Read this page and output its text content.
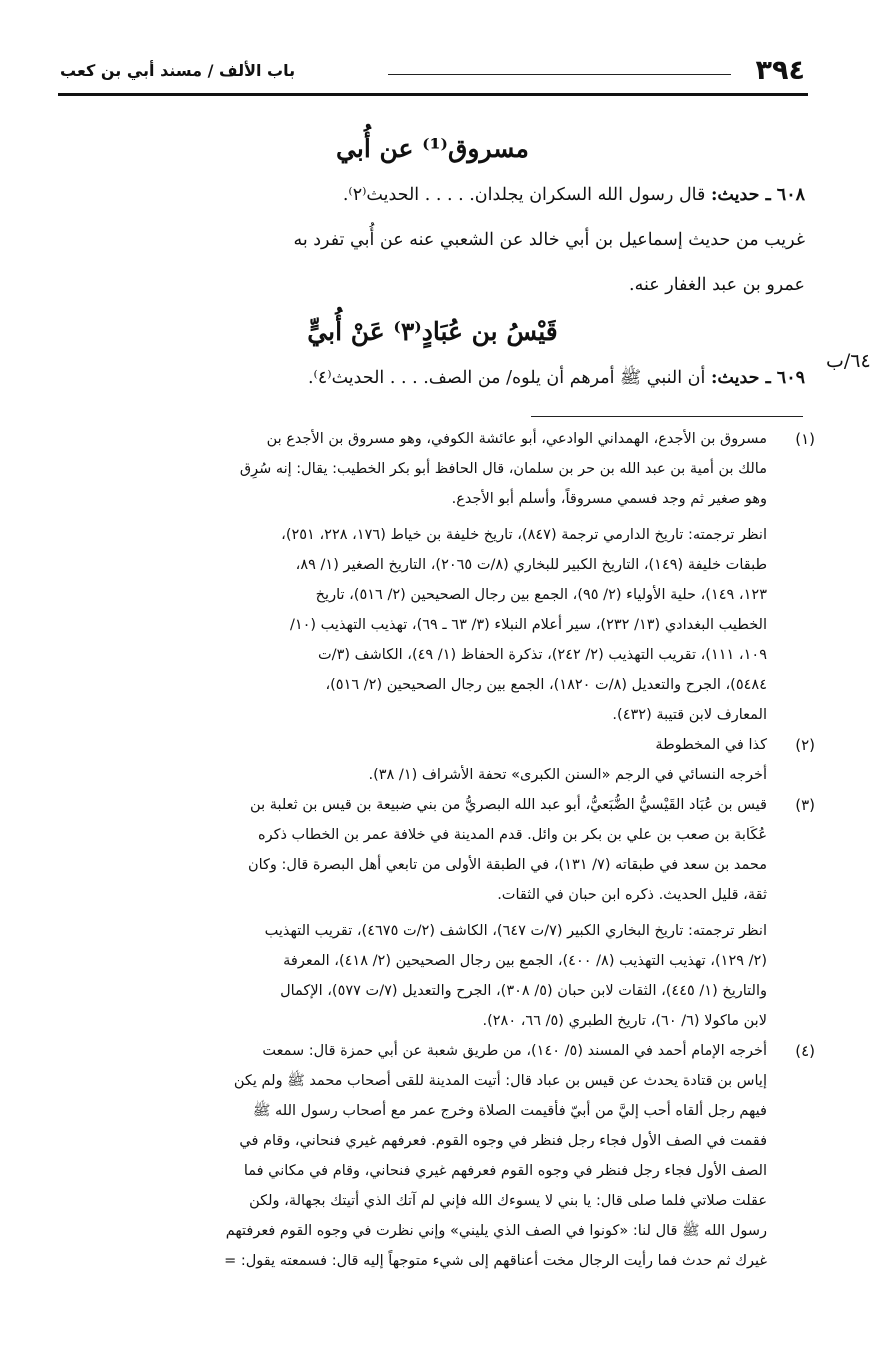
٣٩٤
باب الألف / مسند أبي بن كعب

مسروق⁽¹⁾ عن أُبي

٦٠٨ ـ حديث: قال رسول الله السكران يجلدان. . . . . الحديث⁽٢⁾.

غريب من حديث إسماعيل بن أبي خالد عن الشعبي عنه عن أُبي تفرد به

عمرو بن عبد الغفار عنه.

قَيْسُ بن عُبَادٍ⁽٣⁾ عَنْ أُبيٍّ

٦٠٩ ـ حديث: أن النبي ﷺ أمرهم أن يلوه/ من الصف. . . . الحديث⁽٤⁾.

٦٤/ب
(١)

مسروق بن الأجدع، الهمداني الوادعي، أبو عائشة الكوفي، وهو مسروق بن الأجدع بن

مالك بن أمية بن عبد الله بن حر بن سلمان، قال الحافظ أبو بكر الخطيب: يقال: إنه سُرِق

وهو صغير ثم وجد فسمي مسروقاً، وأسلم أبو الأجدع.

انظر ترجمته: تاريخ الدارمي ترجمة (٨٤٧)، تاريخ خليفة بن خياط (١٧٦، ٢٢٨، ٢٥١)،

طبقات خليفة (١٤٩)، التاريخ الكبير للبخاري (٨/ت ٢٠٦٥)، التاريخ الصغير (١/ ٨٩،

١٢٣، ١٤٩)، حلية الأولياء (٢/ ٩٥)، الجمع بين رجال الصحيحين (٢/ ٥١٦)، تاريخ

الخطيب البغدادي (١٣/ ٢٣٢)، سير أعلام النبلاء (٣/ ٦٣ ـ ٦٩)، تهذيب التهذيب (١٠/

١٠٩، ١١١)، تقريب التهذيب (٢/ ٢٤٢)، تذكرة الحفاظ (١/ ٤٩)، الكاشف (٣/ت

٥٤٨٤)، الجرح والتعديل (٨/ت ١٨٢٠)، الجمع بين رجال الصحيحين (٢/ ٥١٦)،

المعارف لابن قتيبة (٤٣٢).

(٢)

كذا في المخطوطة

أخرجه النسائي في الرجم «السنن الكبرى» تحفة الأشراف (١/ ٣٨).

(٣)

قيس بن عُبَاد القَيْسيُّ الضُّبَعيُّ، أبو عبد الله البصريُّ من بني ضبيعة بن قيس بن ثعلبة بن

عُكَابة بن صعب بن علي بن بكر بن وائل. قدم المدينة في خلافة عمر بن الخطاب ذكره

محمد بن سعد في طبقاته (٧/ ١٣١)، في الطبقة الأولى من تابعي أهل البصرة قال: وكان

ثقة، قليل الحديث. ذكره ابن حبان في الثقات.

انظر ترجمته: تاريخ البخاري الكبير (٧/ت ٦٤٧)، الكاشف (٢/ت ٤٦٧٥)، تقريب التهذيب

(٢/ ١٢٩)، تهذيب التهذيب (٨/ ٤٠٠)، الجمع بين رجال الصحيحين (٢/ ٤١٨)، المعرفة

والتاريخ (١/ ٤٤٥)، الثقات لابن حبان (٥/ ٣٠٨)، الجرح والتعديل (٧/ت ٥٧٧)، الإكمال

لابن ماكولا (٦/ ٦٠)، تاريخ الطبري (٥/ ٦٦، ٢٨٠).

(٤)

أخرجه الإمام أحمد في المسند (٥/ ١٤٠)، من طريق شعبة عن أبي حمزة قال: سمعت

إياس بن قتادة يحدث عن قيس بن عباد قال: أتيت المدينة للقى أصحاب محمد ﷺ ولم يكن

فيهم رجل ألقاه أحب إليَّ من أبيّ فأقيمت الصلاة وخرج عمر مع أصحاب رسول الله ﷺ

فقمت في الصف الأول فجاء رجل فنظر في وجوه القوم. فعرفهم غيري فنحاني، وقام في

الصف الأول فجاء رجل فنظر في وجوه القوم فعرفهم غيري فنحاني، وقام في مكاني فما

عقلت صلاتي فلما صلى قال: يا بني لا يسوءك الله فإني لم آتك الذي أتيتك بجهالة، ولكن

رسول الله ﷺ قال لنا: «كونوا في الصف الذي يليني» وإني نظرت في وجوه القوم فعرفتهم

غيرك ثم حدث فما رأيت الرجال مخت أعناقهم إلى شيء متوجهاً إليه قال: فسمعته يقول: =
